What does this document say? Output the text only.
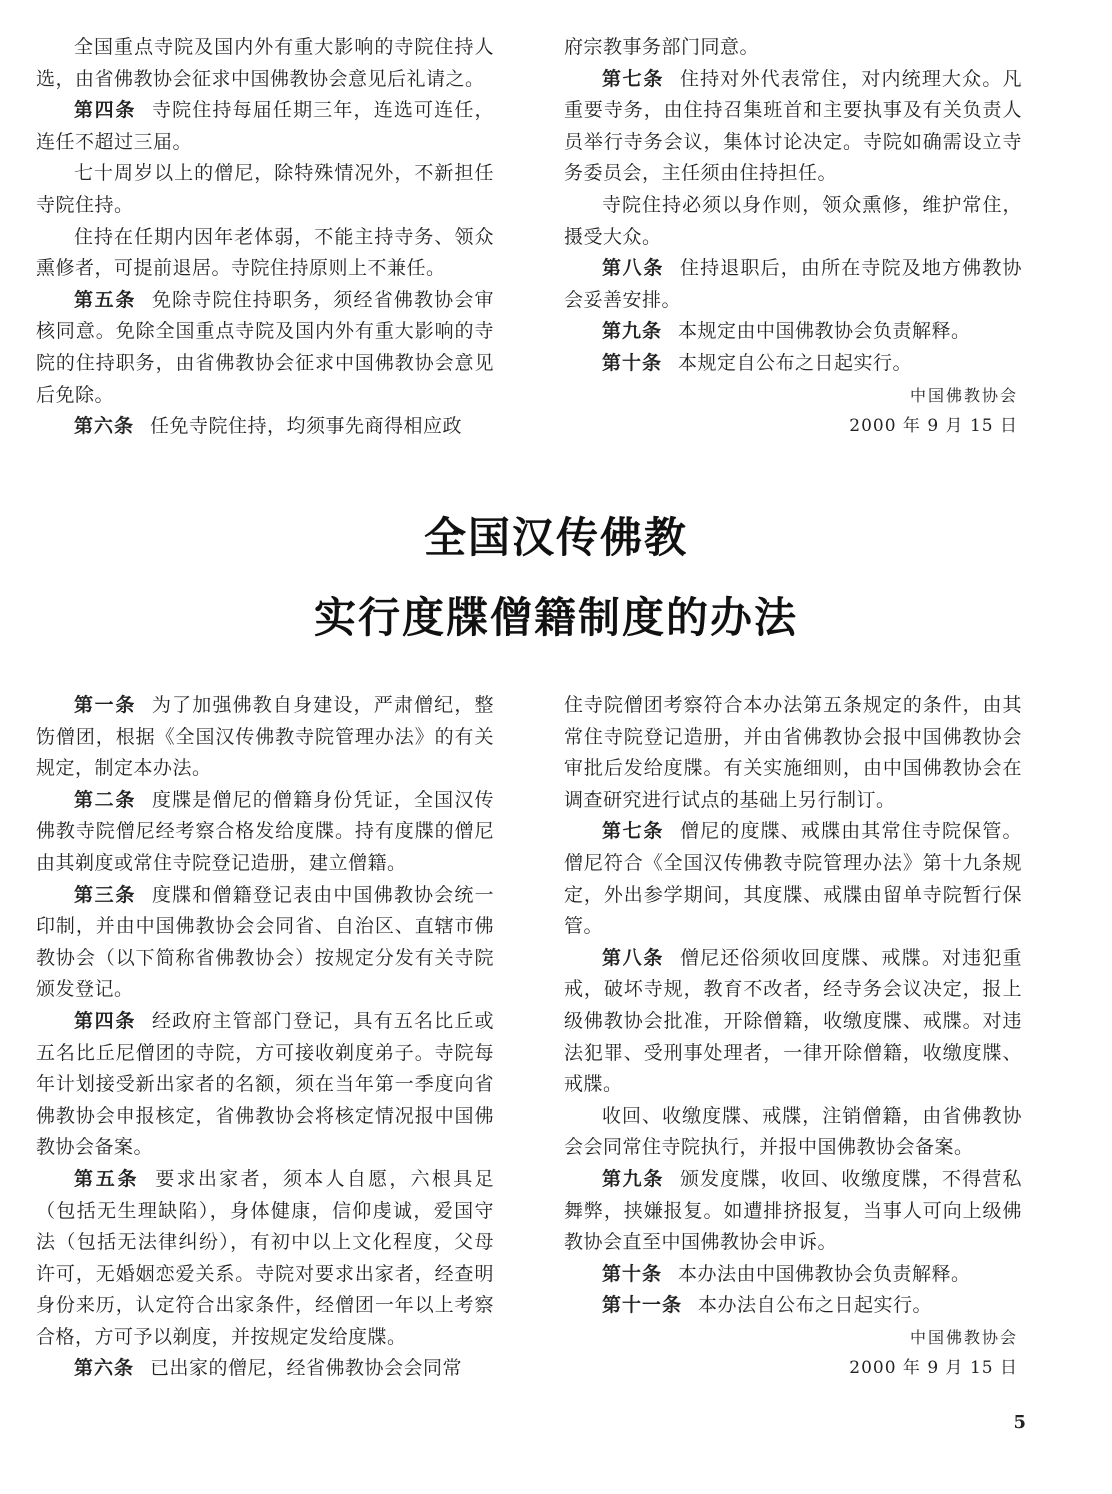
全国重点寺院及国内外有重大影响的寺院住持人选，由省佛教协会征求中国佛教协会意见后礼请之。

第四条 寺院住持每届任期三年，连选可连任，连任不超过三届。

七十周岁以上的僧尼，除特殊情况外，不新担任寺院住持。

住持在任期内因年老体弱，不能主持寺务、领众熏修者，可提前退居。寺院住持原则上不兼任。

第五条 免除寺院住持职务，须经省佛教协会审核同意。免除全国重点寺院及国内外有重大影响的寺院的住持职务，由省佛教协会征求中国佛教协会意见后免除。

第六条 任免寺院住持，均须事先商得相应政

府宗教事务部门同意。

第七条 住持对外代表常住，对内统理大众。凡重要寺务，由住持召集班首和主要执事及有关负责人员举行寺务会议，集体讨论决定。寺院如确需设立寺务委员会，主任须由住持担任。

寺院住持必须以身作则，领众熏修，维护常住，摄受大众。

第八条 住持退职后，由所在寺院及地方佛教协会妥善安排。

第九条 本规定由中国佛教协会负责解释。

第十条 本规定自公布之日起实行。

中国佛教协会

2000 年 9 月 15 日

全国汉传佛教
实行度牒僧籍制度的办法

第一条 为了加强佛教自身建设，严肃僧纪，整饬僧团，根据《全国汉传佛教寺院管理办法》的有关规定，制定本办法。

第二条 度牒是僧尼的僧籍身份凭证，全国汉传佛教寺院僧尼经考察合格发给度牒。持有度牒的僧尼由其剃度或常住寺院登记造册，建立僧籍。

第三条 度牒和僧籍登记表由中国佛教协会统一印制，并由中国佛教协会会同省、自治区、直辖市佛教协会（以下简称省佛教协会）按规定分发有关寺院颁发登记。

第四条 经政府主管部门登记，具有五名比丘或五名比丘尼僧团的寺院，方可接收剃度弟子。寺院每年计划接受新出家者的名额，须在当年第一季度向省佛教协会申报核定，省佛教协会将核定情况报中国佛教协会备案。

第五条 要求出家者，须本人自愿，六根具足（包括无生理缺陷），身体健康，信仰虔诚，爱国守法（包括无法律纠纷），有初中以上文化程度，父母许可，无婚姻恋爱关系。寺院对要求出家者，经查明身份来历，认定符合出家条件，经僧团一年以上考察合格，方可予以剃度，并按规定发给度牒。

第六条 已出家的僧尼，经省佛教协会会同常

住寺院僧团考察符合本办法第五条规定的条件，由其常住寺院登记造册，并由省佛教协会报中国佛教协会审批后发给度牒。有关实施细则，由中国佛教协会在 调查研究进行试点的基础上另行制订。

第七条 僧尼的度牒、戒牒由其常住寺院保管。僧尼符合《全国汉传佛教寺院管理办法》第十九条规定，外出参学期间，其度牒、戒牒由留单寺院暂行保管。

第八条 僧尼还俗须收回度牒、戒牒。对违犯重戒，破坏寺规，教育不改者，经寺务会议决定，报上级佛教协会批准，开除僧籍，收缴度牒、戒牒。对违法犯罪、受刑事处理者，一律开除僧籍，收缴度牒、戒牒。

收回、收缴度牒、戒牒，注销僧籍，由省佛教协会会同常住寺院执行，并报中国佛教协会备案。

第九条 颁发度牒，收回、收缴度牒，不得营私舞弊，挟嫌报复。如遭排挤报复，当事人可向上级佛教协会直至中国佛教协会申诉。

第十条 本办法由中国佛教协会负责解释。

第十一条 本办法自公布之日起实行。

中国佛教协会

2000 年 9 月 15 日

5
